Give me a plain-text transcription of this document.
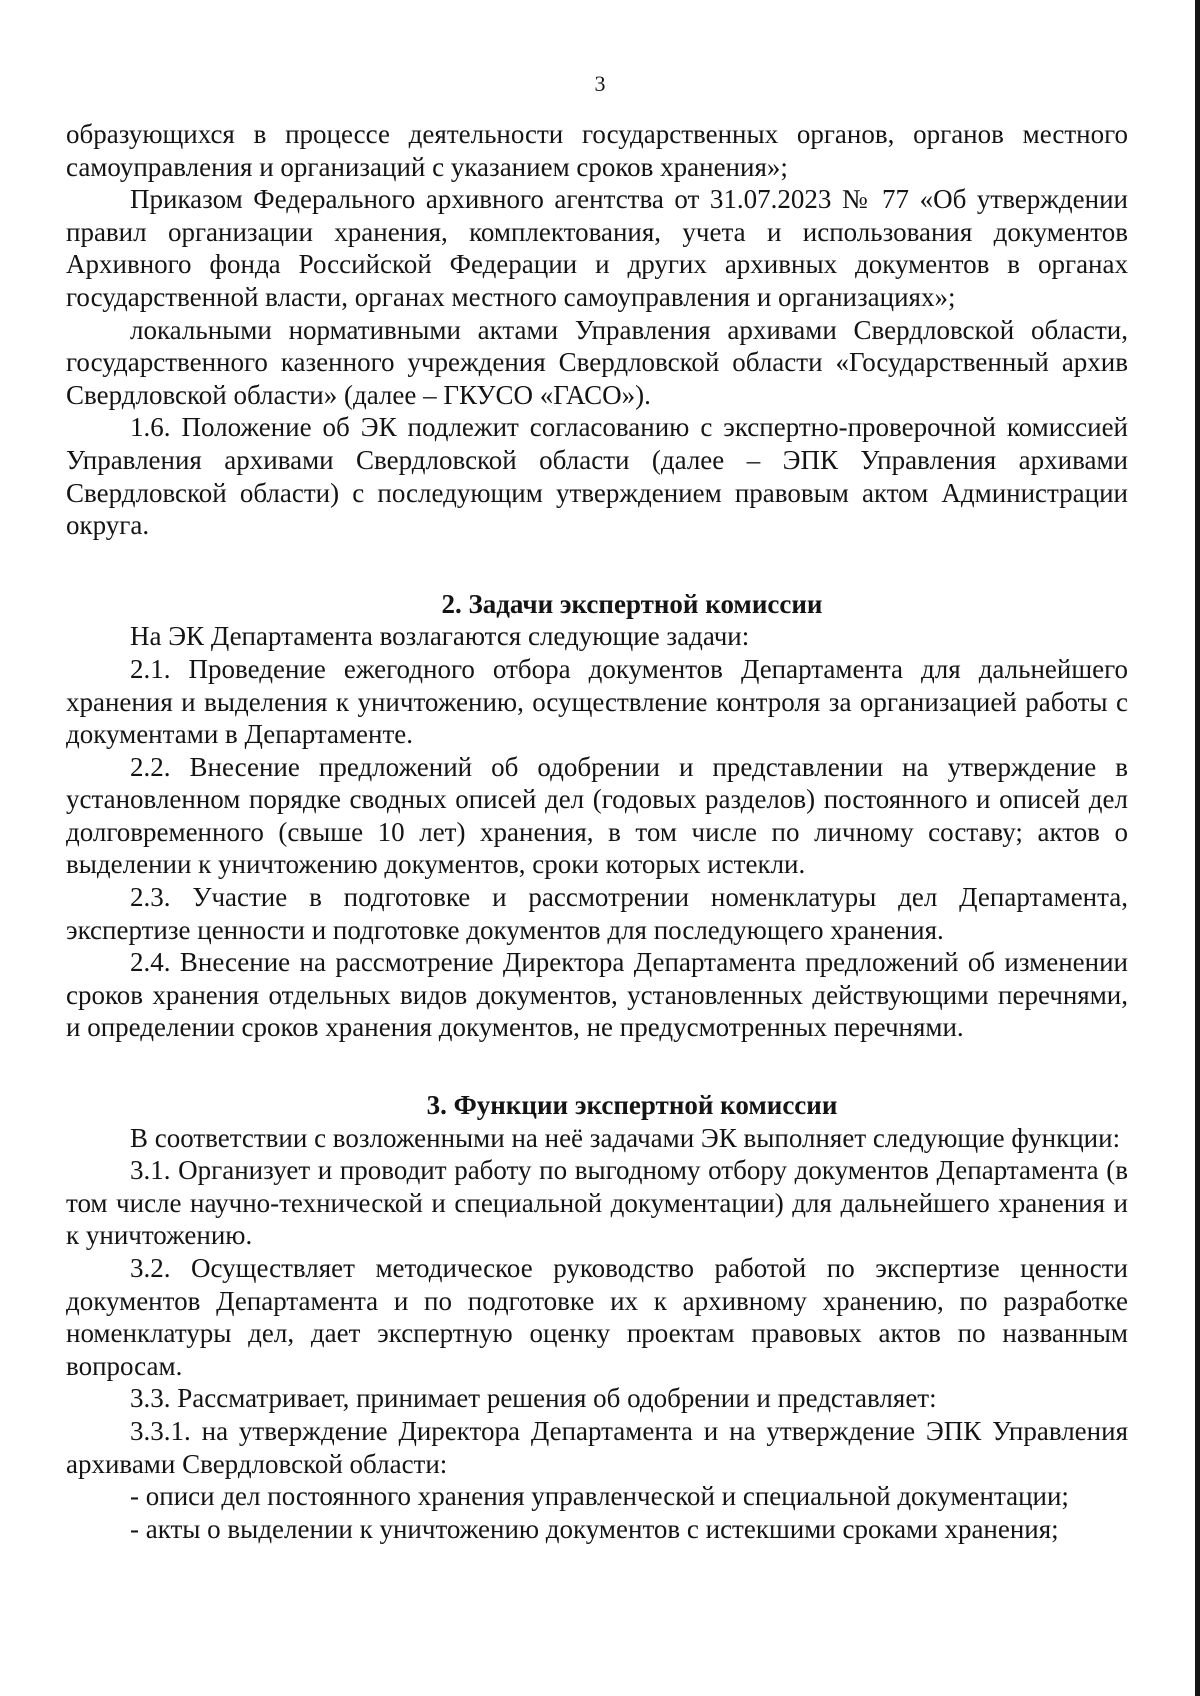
3

образующихся в процессе деятельности государственных органов, органов местного самоуправления и организаций с указанием сроков хранения»;

Приказом Федерального архивного агентства от 31.07.2023 № 77 «Об утверждении правил организации хранения, комплектования, учета и использования документов Архивного фонда Российской Федерации и других архивных документов в органах государственной власти, органах местного самоуправления и организациях»;

локальными нормативными актами Управления архивами Свердловской области, государственного казенного учреждения Свердловской области «Государственный архив Свердловской области» (далее – ГКУСО «ГАСО»).

1.6. Положение об ЭК подлежит согласованию с экспертно-проверочной комиссией Управления архивами Свердловской области (далее – ЭПК Управления архивами Свердловской области) с последующим утверждением правовым актом Администрации округа.

2. Задачи экспертной комиссии

На ЭК Департамента возлагаются следующие задачи:

2.1. Проведение ежегодного отбора документов Департамента для дальнейшего хранения и выделения к уничтожению, осуществление контроля за организацией работы с документами в Департаменте.

2.2. Внесение предложений об одобрении и представлении на утверждение в установленном порядке сводных описей дел (годовых разделов) постоянного и описей дел долговременного (свыше 10 лет) хранения, в том числе по личному составу; актов о выделении к уничтожению документов, сроки которых истекли.

2.3. Участие в подготовке и рассмотрении номенклатуры дел Департамента, экспертизе ценности и подготовке документов для последующего хранения.

2.4. Внесение на рассмотрение Директора Департамента предложений об изменении сроков хранения отдельных видов документов, установленных действующими перечнями, и определении сроков хранения документов, не предусмотренных перечнями.

3. Функции экспертной комиссии

В соответствии с возложенными на неё задачами ЭК выполняет следующие функции:

3.1. Организует и проводит работу по выгодному отбору документов Департамента (в том числе научно-технической и специальной документации) для дальнейшего хранения и к уничтожению.

3.2. Осуществляет методическое руководство работой по экспертизе ценности документов Департамента и по подготовке их к архивному хранению, по разработке номенклатуры дел, дает экспертную оценку проектам правовых актов по названным вопросам.

3.3. Рассматривает, принимает решения об одобрении и представляет:

3.3.1. на утверждение Директора Департамента и на утверждение ЭПК Управления архивами Свердловской области:

- описи дел постоянного хранения управленческой и специальной документации;

- акты о выделении к уничтожению документов с истекшими сроками хранения;
